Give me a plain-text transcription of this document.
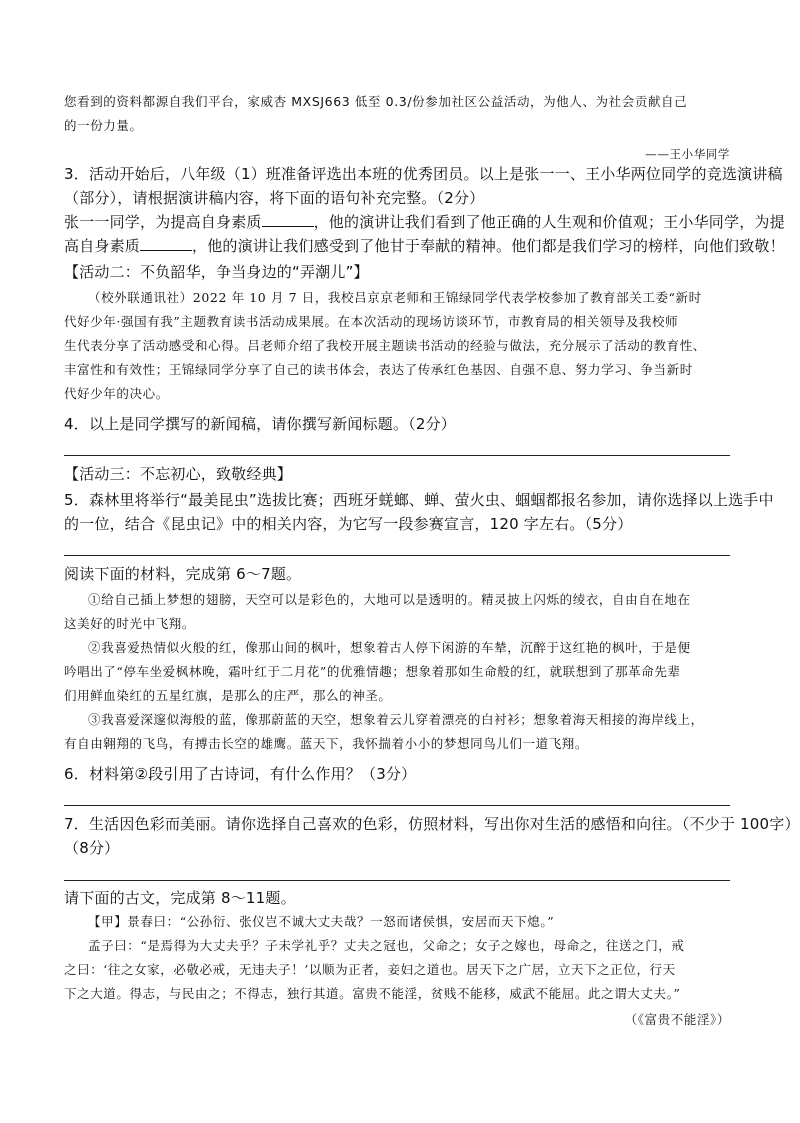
您看到的资料都源自我们平台，家威杏 MXSJ663 低至 0.3/份参加社区公益活动，为他人、为社会贡献自己
的一份力量。
——王小华同学
3．活动开始后，八年级（1）班准备评选出本班的优秀团员。以上是张一一、王小华两位同学的竞选演讲稿
（部分），请根据演讲稿内容，将下面的语句补充完整。（2分）
张一一同学，为提高自身素质	，他的演讲让我们看到了他正确的人生观和价值观；王小华同学，为提
高自身素质	，他的演讲让我们感受到了他甘于奉献的精神。他们都是我们学习的榜样，向他们致敬！
【活动二：不负韶华，争当身边的“弄潮儿”】
（校外联通讯社）2022 年 10 月 7 日，我校吕京京老师和王锦绿同学代表学校参加了教育部关工委“新时
代好少年·强国有我”主题教育读书活动成果展。在本次活动的现场访谈环节，市教育局的相关领导及我校师
生代表分享了活动感受和心得。吕老师介绍了我校开展主题读书活动的经验与做法，充分展示了活动的教育性、
丰富性和有效性；王锦绿同学分享了自己的读书体会，表达了传承红色基因、自强不息、努力学习、争当新时
代好少年的决心。
4．以上是同学撰写的新闻稿，请你撰写新闻标题。（2分）
【活动三：不忘初心，致敬经典】
5．森林里将举行“最美昆虫”选拔比赛；西班牙蜣螂、蝉、萤火虫、蝈蝈都报名参加，请你选择以上选手中
的一位，结合《昆虫记》中的相关内容，为它写一段参赛宣言，120 字左右。（5分）
阅读下面的材料，完成第 6～7题。
①给自己插上梦想的翅膀，天空可以是彩色的，大地可以是透明的。精灵披上闪烁的绫衣，自由自在地在
这美好的时光中飞翔。
②我喜爱热情似火般的红，像那山间的枫叶，想象着古人停下闲游的车辇，沉醉于这红艳的枫叶，于是便
吟唱出了“停车坐爱枫林晚，霜叶红于二月花”的优雅情趣；想象着那如生命般的红，就联想到了那革命先辈
们用鲜血染红的五星红旗，是那么的庄严，那么的神圣。
③我喜爱深邃似海般的蓝，像那蔚蓝的天空，想象着云儿穿着漂亮的白衬衫；想象着海天相接的海岸线上，
有自由翱翔的飞鸟，有搏击长空的雄鹰。蓝天下，我怀揣着小小的梦想同鸟儿们一道飞翔。
6．材料第②段引用了古诗词，有什么作用？（3分）
7．生活因色彩而美丽。请你选择自己喜欢的色彩，仿照材料，写出你对生活的感悟和向往。（不少于 100字）
（8分）
请下面的古文，完成第 8～11题。
【甲】景春曰：“公孙衍、张仪岂不诚大丈夫哉？一怒而诸侯惧，安居而天下熄。”
孟子曰：“是焉得为大丈夫乎？子未学礼乎？丈夫之冠也，父命之；女子之嫁也，母命之，往送之门，戒
之曰：‘往之女家，必敬必戒，无违夫子！’以顺为正者，妾妇之道也。居天下之广居，立天下之正位，行天
下之大道。得志，与民由之；不得志，独行其道。富贵不能淫，贫贱不能移，威武不能屈。此之谓大丈夫。”
（《富贵不能淫》）
